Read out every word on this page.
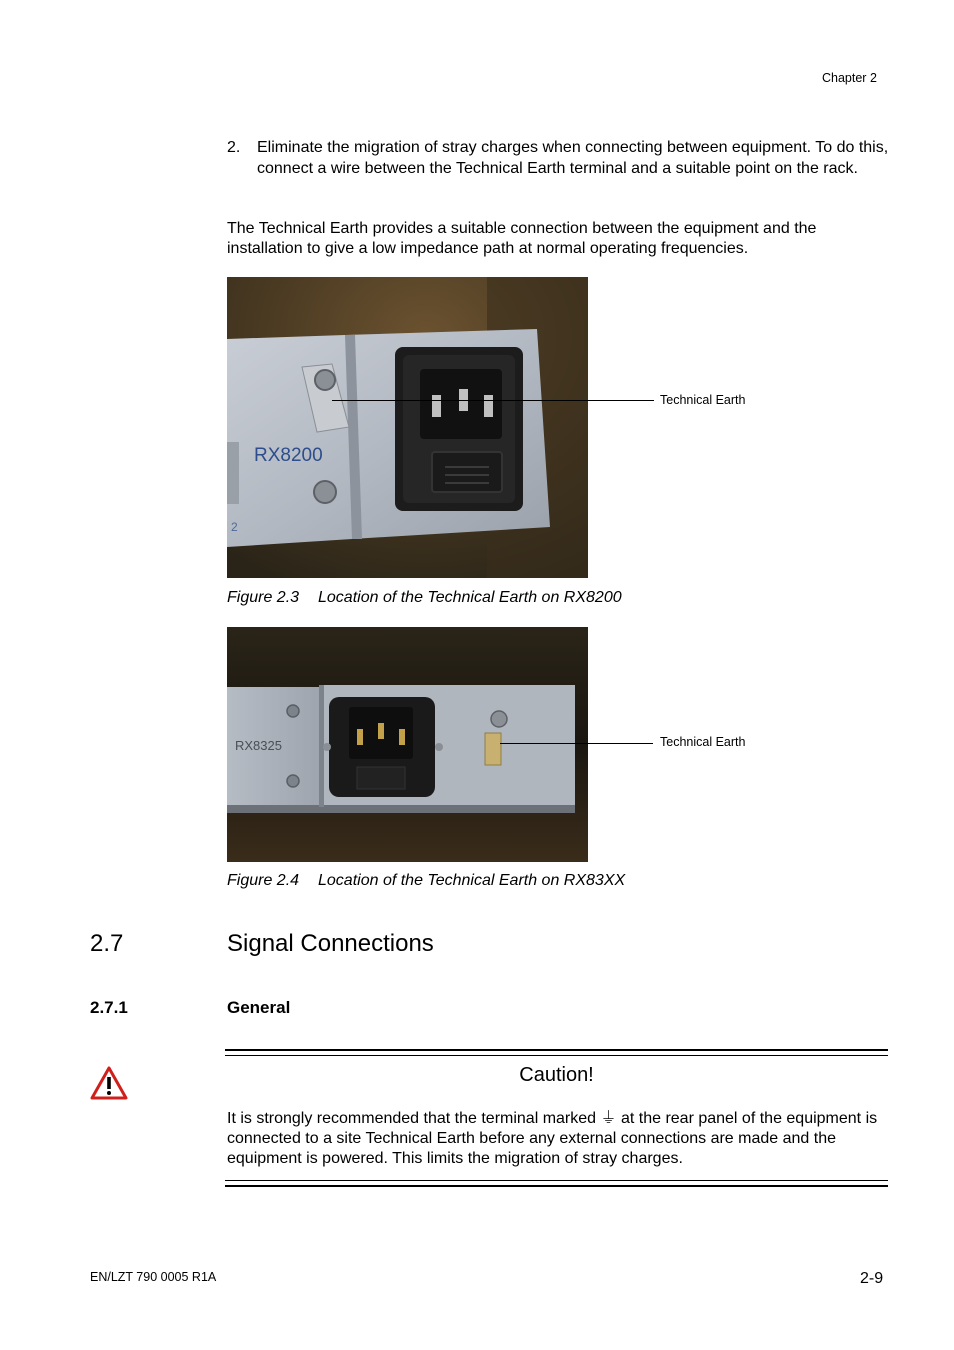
Chapter 2
2. Eliminate the migration of stray charges when connecting between equipment. To do this, connect a wire between the Technical Earth terminal and a suitable point on the rack.
The Technical Earth provides a suitable connection between the equipment and the installation to give a low impedance path at normal operating frequencies.
RX8200
2
Technical Earth
Figure 2.3 Location of the Technical Earth on RX8200
RX8325	Technical Earth
Figure 2.4 Location of the Technical Earth on RX83XX
2.7	Signal Connections
2.7.1	General
Caution!
It is strongly recommended that the terminal marked ⏚ at the rear panel of the equipment is connected to a site Technical Earth before any external connections are made and the equipment is powered. This limits the migration of stray charges.
EN/LZT 790 0005 R1A	2-9
